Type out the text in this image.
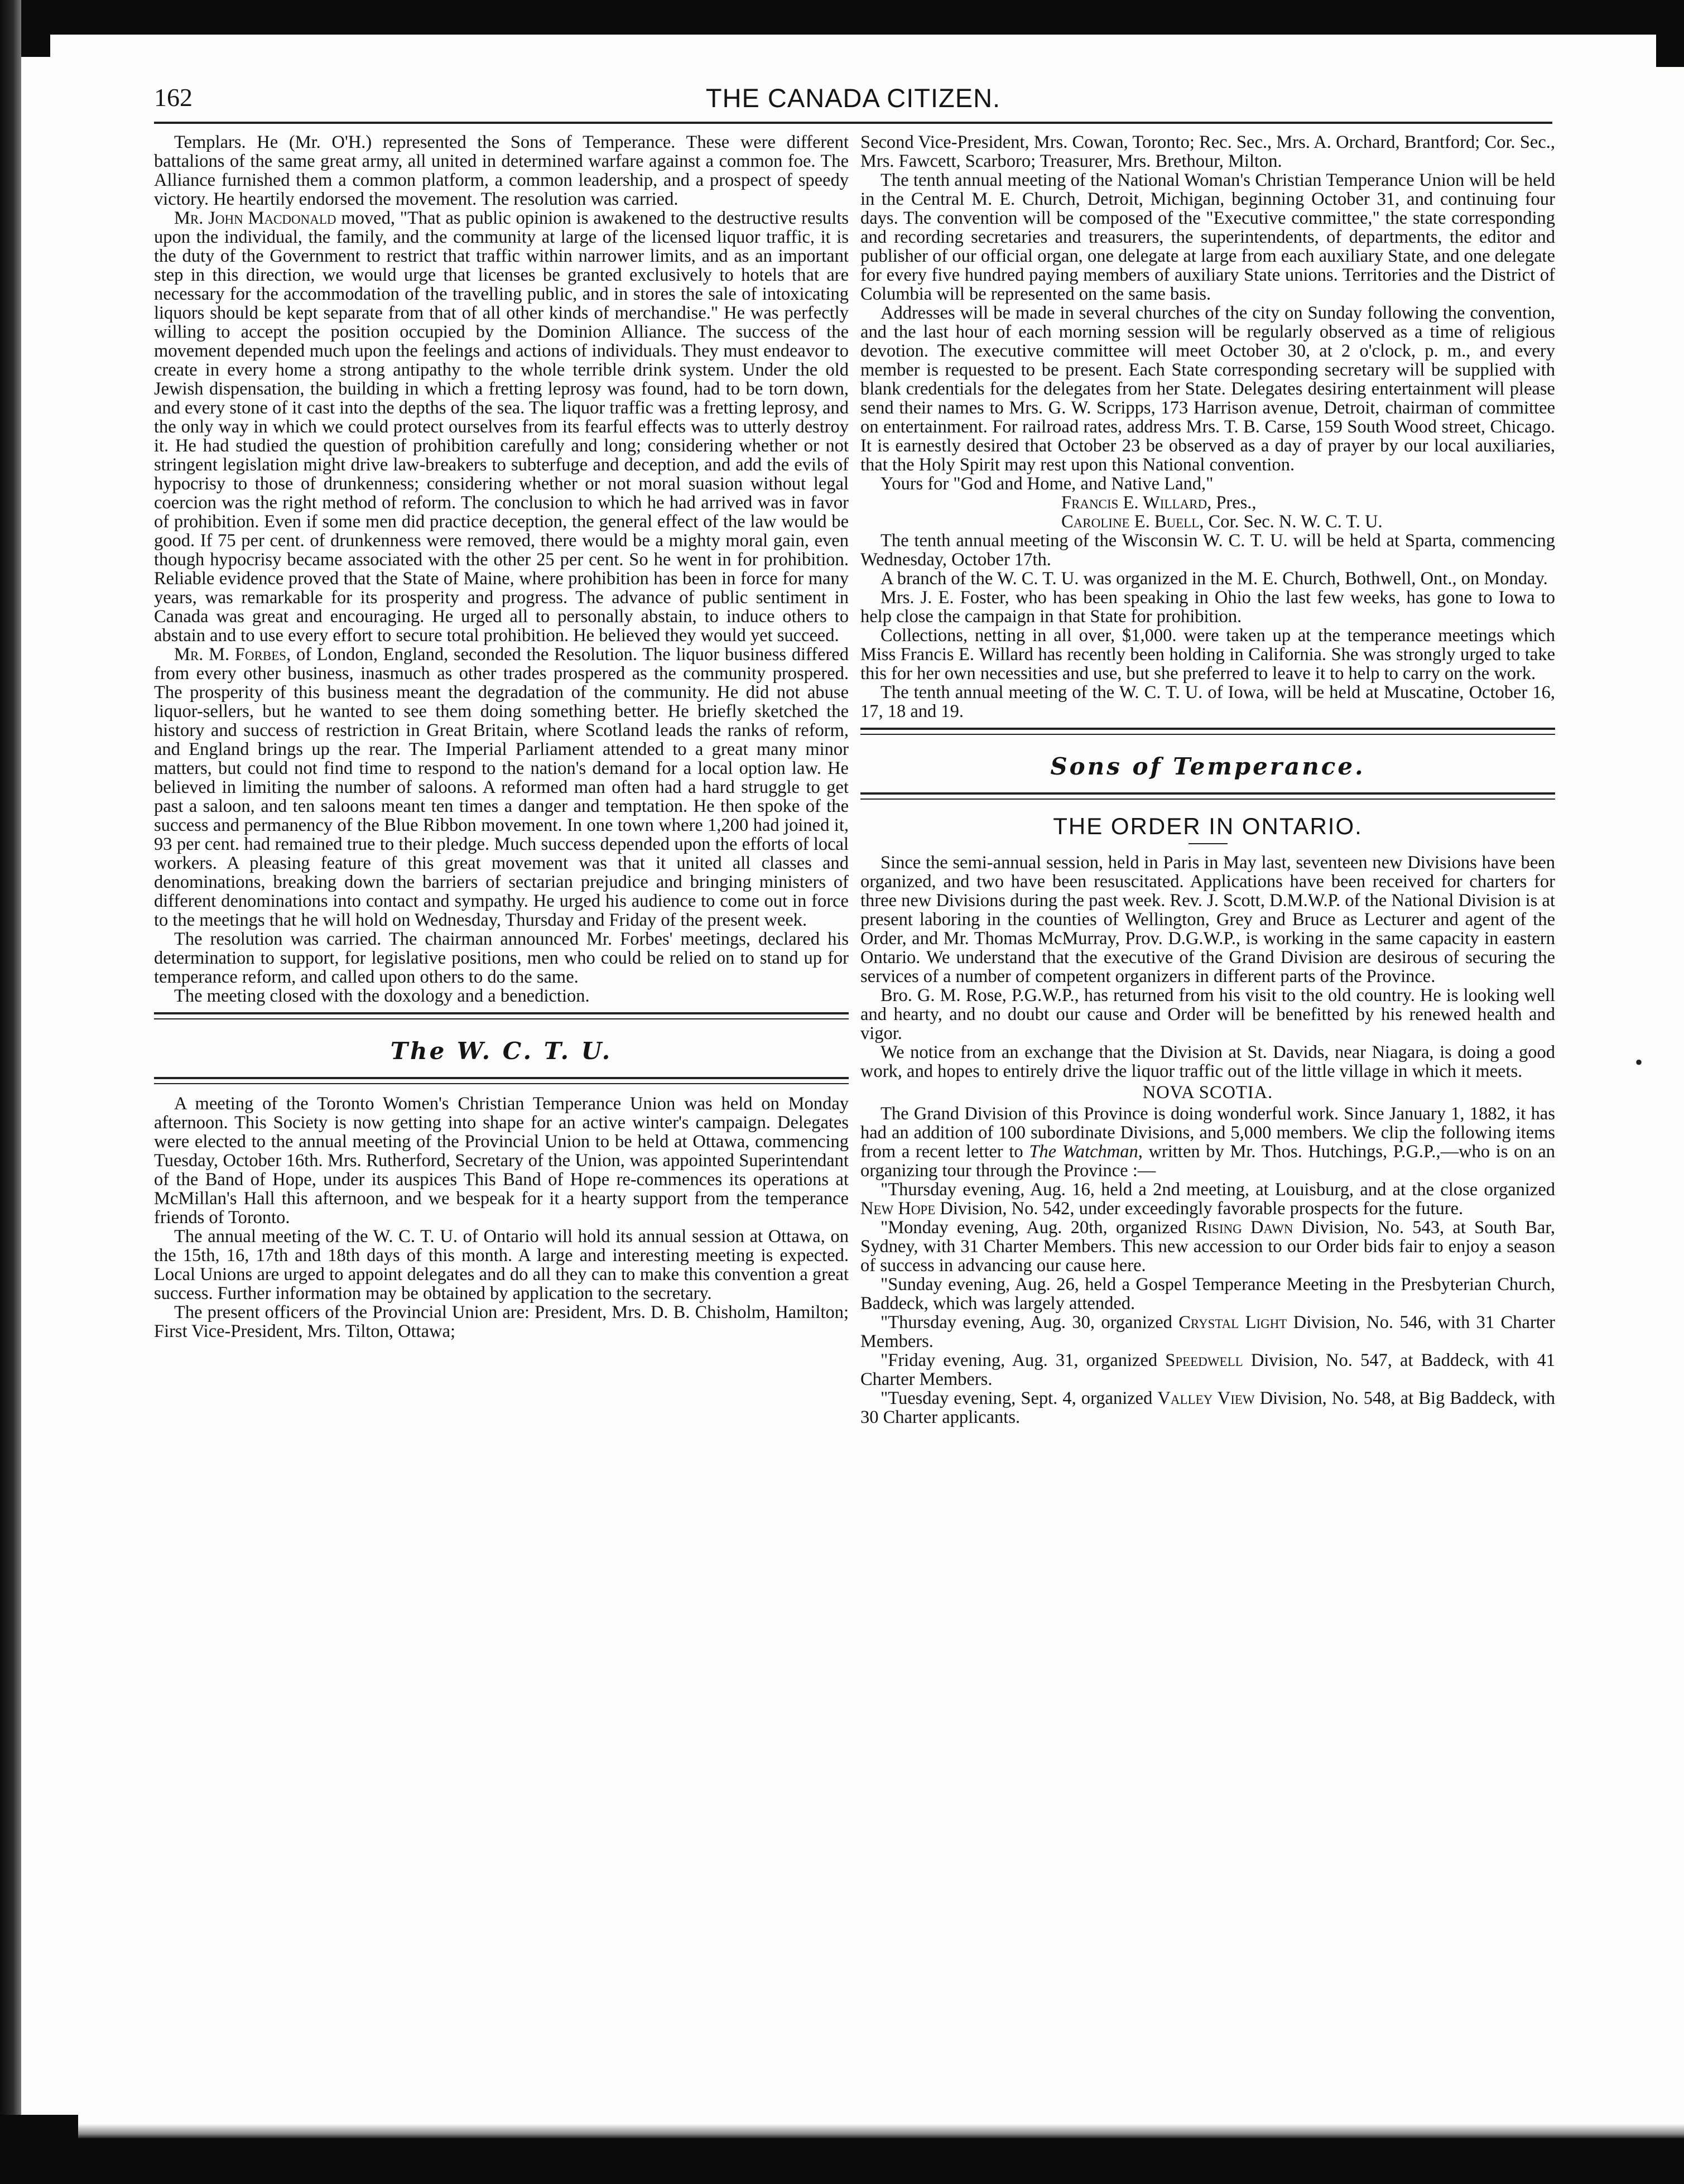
162	THE CANADA CITIZEN.

Templars. He (Mr. O'H.) represented the Sons of Temperance. These were different battalions of the same great army, all united in determined warfare against a common foe. The Alliance furnished them a common platform, a common leadership, and a prospect of speedy victory. He heartily endorsed the movement. The resolution was carried.

Mr. John Macdonald moved, "That as public opinion is awakened to the destructive results upon the individual, the family, and the community at large of the licensed liquor traffic, it is the duty of the Government to restrict that traffic within narrower limits, and as an important step in this direction, we would urge that licenses be granted exclusively to hotels that are necessary for the accommodation of the travelling public, and in stores the sale of intoxicating liquors should be kept separate from that of all other kinds of merchandise." He was perfectly willing to accept the position occupied by the Dominion Alliance. The success of the movement depended much upon the feelings and actions of individuals. They must endeavor to create in every home a strong antipathy to the whole terrible drink system. Under the old Jewish dispensation, the building in which a fretting leprosy was found, had to be torn down, and every stone of it cast into the depths of the sea. The liquor traffic was a fretting leprosy, and the only way in which we could protect ourselves from its fearful effects was to utterly destroy it. He had studied the question of prohibition carefully and long; considering whether or not stringent legislation might drive law-breakers to subterfuge and deception, and add the evils of hypocrisy to those of drunkenness; considering whether or not moral suasion without legal coercion was the right method of reform. The conclusion to which he had arrived was in favor of prohibition. Even if some men did practice deception, the general effect of the law would be good. If 75 per cent. of drunkenness were removed, there would be a mighty moral gain, even though hypocrisy became associated with the other 25 per cent. So he went in for prohibition. Reliable evidence proved that the State of Maine, where prohibition has been in force for many years, was remarkable for its prosperity and progress. The advance of public sentiment in Canada was great and encouraging. He urged all to personally abstain, to induce others to abstain and to use every effort to secure total prohibition. He believed they would yet succeed.

Mr. M. Forbes, of London, England, seconded the Resolution. The liquor business differed from every other business, inasmuch as other trades prospered as the community prospered. The prosperity of this business meant the degradation of the community. He did not abuse liquor-sellers, but he wanted to see them doing something better. He briefly sketched the history and success of restriction in Great Britain, where Scotland leads the ranks of reform, and England brings up the rear. The Imperial Parliament attended to a great many minor matters, but could not find time to respond to the nation's demand for a local option law. He believed in limiting the number of saloons. A reformed man often had a hard struggle to get past a saloon, and ten saloons meant ten times a danger and temptation. He then spoke of the success and permanency of the Blue Ribbon movement. In one town where 1,200 had joined it, 93 per cent. had remained true to their pledge. Much success depended upon the efforts of local workers. A pleasing feature of this great movement was that it united all classes and denominations, breaking down the barriers of sectarian prejudice and bringing ministers of different denominations into contact and sympathy. He urged his audience to come out in force to the meetings that he will hold on Wednesday, Thursday and Friday of the present week.

The resolution was carried. The chairman announced Mr. Forbes' meetings, declared his determination to support, for legislative positions, men who could be relied on to stand up for temperance reform, and called upon others to do the same.

The meeting closed with the doxology and a benediction.

The W. C. T. U.

A meeting of the Toronto Women's Christian Temperance Union was held on Monday afternoon. This Society is now getting into shape for an active winter's campaign. Delegates were elected to the annual meeting of the Provincial Union to be held at Ottawa, commencing Tuesday, October 16th. Mrs. Rutherford, Secretary of the Union, was appointed Superintendant of the Band of Hope, under its auspices This Band of Hope re-commences its operations at McMillan's Hall this afternoon, and we bespeak for it a hearty support from the temperance friends of Toronto.

The annual meeting of the W. C. T. U. of Ontario will hold its annual session at Ottawa, on the 15th, 16, 17th and 18th days of this month. A large and interesting meeting is expected. Local Unions are urged to appoint delegates and do all they can to make this convention a great success. Further information may be obtained by application to the secretary.

The present officers of the Provincial Union are: President, Mrs. D. B. Chisholm, Hamilton; First Vice-President, Mrs. Tilton, Ottawa;

Second Vice-President, Mrs. Cowan, Toronto; Rec. Sec., Mrs. A. Orchard, Brantford; Cor. Sec., Mrs. Fawcett, Scarboro; Treasurer, Mrs. Brethour, Milton.

The tenth annual meeting of the National Woman's Christian Temperance Union will be held in the Central M. E. Church, Detroit, Michigan, beginning October 31, and continuing four days. The convention will be composed of the "Executive committee," the state corresponding and recording secretaries and treasurers, the superintendents, of departments, the editor and publisher of our official organ, one delegate at large from each auxiliary State, and one delegate for every five hundred paying members of auxiliary State unions. Territories and the District of Columbia will be represented on the same basis.

Addresses will be made in several churches of the city on Sunday following the convention, and the last hour of each morning session will be regularly observed as a time of religious devotion. The executive committee will meet October 30, at 2 o'clock, p. m., and every member is requested to be present. Each State corresponding secretary will be supplied with blank credentials for the delegates from her State. Delegates desiring entertainment will please send their names to Mrs. G. W. Scripps, 173 Harrison avenue, Detroit, chairman of committee on entertainment. For railroad rates, address Mrs. T. B. Carse, 159 South Wood street, Chicago. It is earnestly desired that October 23 be observed as a day of prayer by our local auxiliaries, that the Holy Spirit may rest upon this National convention.

Yours for "God and Home, and Native Land,"

Francis E. Willard, Pres.,
Caroline E. Buell, Cor. Sec. N. W. C. T. U.

The tenth annual meeting of the Wisconsin W. C. T. U. will be held at Sparta, commencing Wednesday, October 17th.

A branch of the W. C. T. U. was organized in the M. E. Church, Bothwell, Ont., on Monday.

Mrs. J. E. Foster, who has been speaking in Ohio the last few weeks, has gone to Iowa to help close the campaign in that State for prohibition.

Collections, netting in all over, $1,000. were taken up at the temperance meetings which Miss Francis E. Willard has recently been holding in California. She was strongly urged to take this for her own necessities and use, but she preferred to leave it to help to carry on the work.

The tenth annual meeting of the W. C. T. U. of Iowa, will be held at Muscatine, October 16, 17, 18 and 19.

Sons of Temperance.
THE ORDER IN ONTARIO.

Since the semi-annual session, held in Paris in May last, seventeen new Divisions have been organized, and two have been resuscitated. Applications have been received for charters for three new Divisions during the past week. Rev. J. Scott, D.M.W.P. of the National Division is at present laboring in the counties of Wellington, Grey and Bruce as Lecturer and agent of the Order, and Mr. Thomas McMurray, Prov. D.G.W.P., is working in the same capacity in eastern Ontario. We understand that the executive of the Grand Division are desirous of securing the services of a number of competent organizers in different parts of the Province.

Bro. G. M. Rose, P.G.W.P., has returned from his visit to the old country. He is looking well and hearty, and no doubt our cause and Order will be benefitted by his renewed health and vigor.

We notice from an exchange that the Division at St. Davids, near Niagara, is doing a good work, and hopes to entirely drive the liquor traffic out of the little village in which it meets.

NOVA SCOTIA.

The Grand Division of this Province is doing wonderful work. Since January 1, 1882, it has had an addition of 100 subordinate Divisions, and 5,000 members. We clip the following items from a recent letter to The Watchman, written by Mr. Thos. Hutchings, P.G.P.,—who is on an organizing tour through the Province :—

"Thursday evening, Aug. 16, held a 2nd meeting, at Louisburg, and at the close organized New Hope Division, No. 542, under exceedingly favorable prospects for the future.

"Monday evening, Aug. 20th, organized Rising Dawn Division, No. 543, at South Bar, Sydney, with 31 Charter Members. This new accession to our Order bids fair to enjoy a season of success in advancing our cause here.

"Sunday evening, Aug. 26, held a Gospel Temperance Meeting in the Presbyterian Church, Baddeck, which was largely attended.

"Thursday evening, Aug. 30, organized Crystal Light Division, No. 546, with 31 Charter Members.

"Friday evening, Aug. 31, organized Speedwell Division, No. 547, at Baddeck, with 41 Charter Members.

"Tuesday evening, Sept. 4, organized Valley View Division, No. 548, at Big Baddeck, with 30 Charter applicants.

•
